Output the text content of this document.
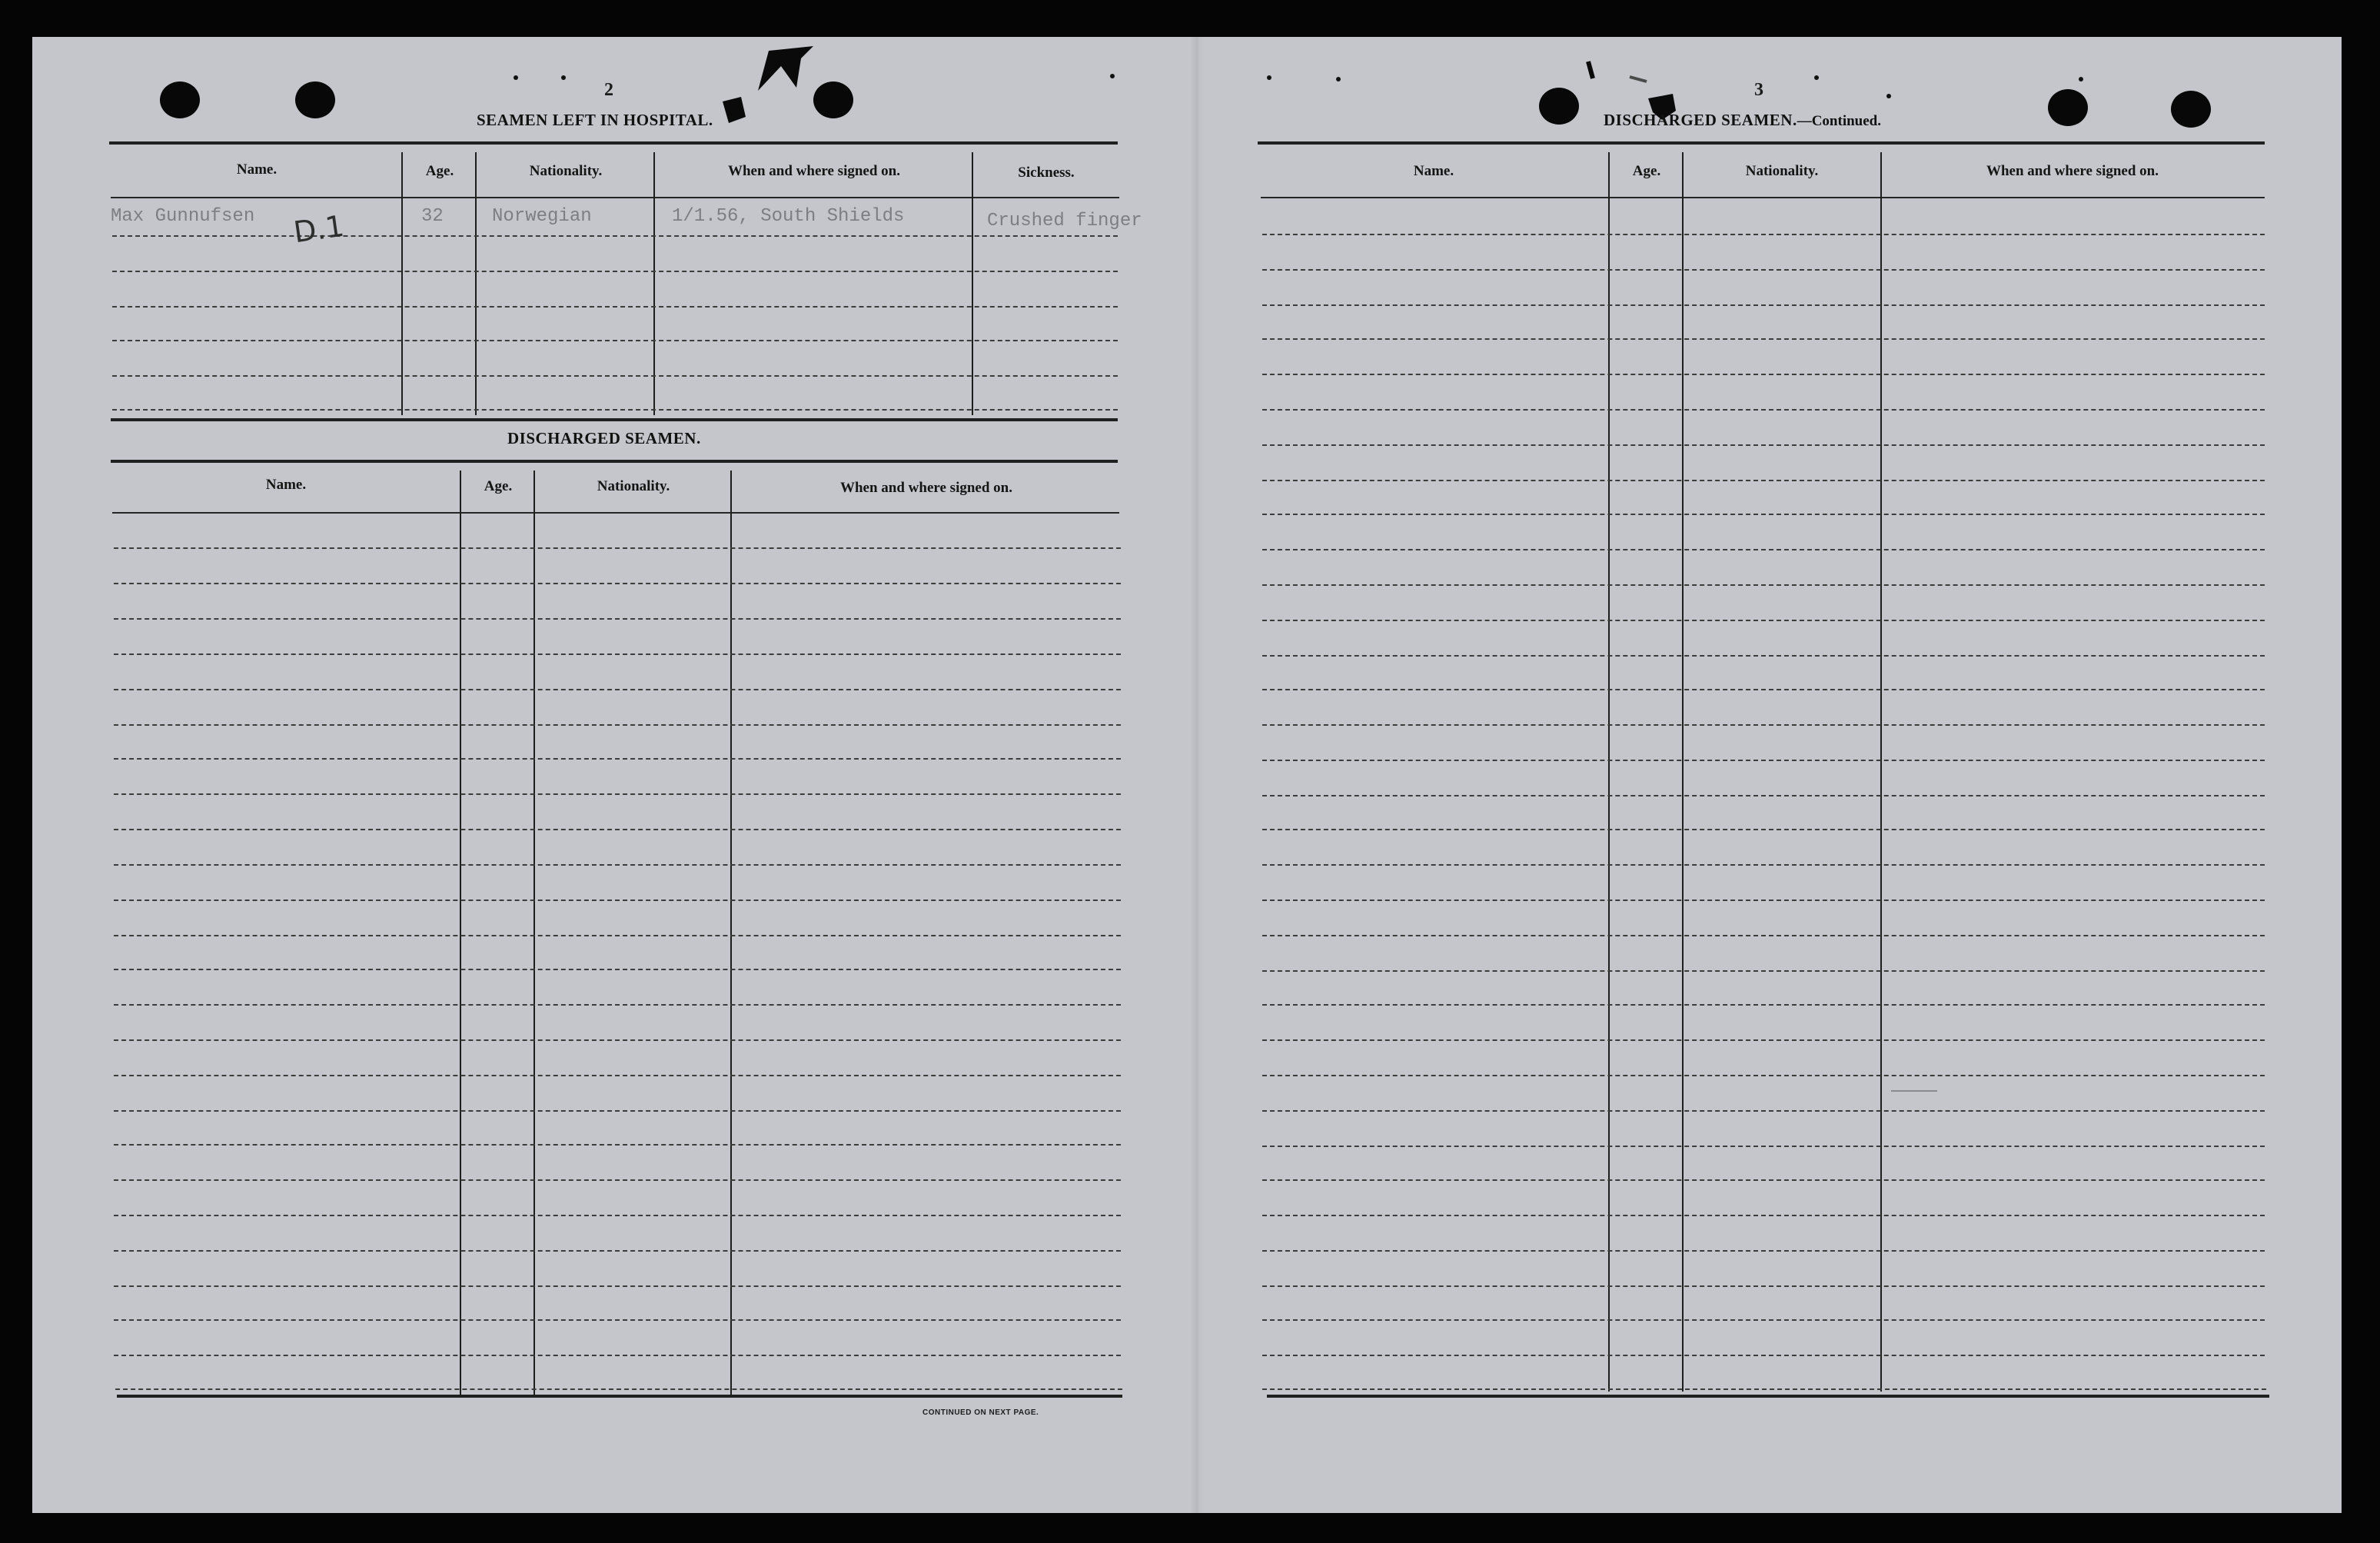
2
SEAMEN LEFT IN HOSPITAL.
Name.	Age.	Nationality.	When and where signed on.	Sickness.
Max Gunnufsen D.1	32	Norwegian	1/1.56, South Shields	Crushed finger
DISCHARGED SEAMEN.
Name.	Age.	Nationality.	When and where signed on.
CONTINUED ON NEXT PAGE.
3
DISCHARGED SEAMEN.—Continued.
Name.	Age.	Nationality.	When and where signed on.
